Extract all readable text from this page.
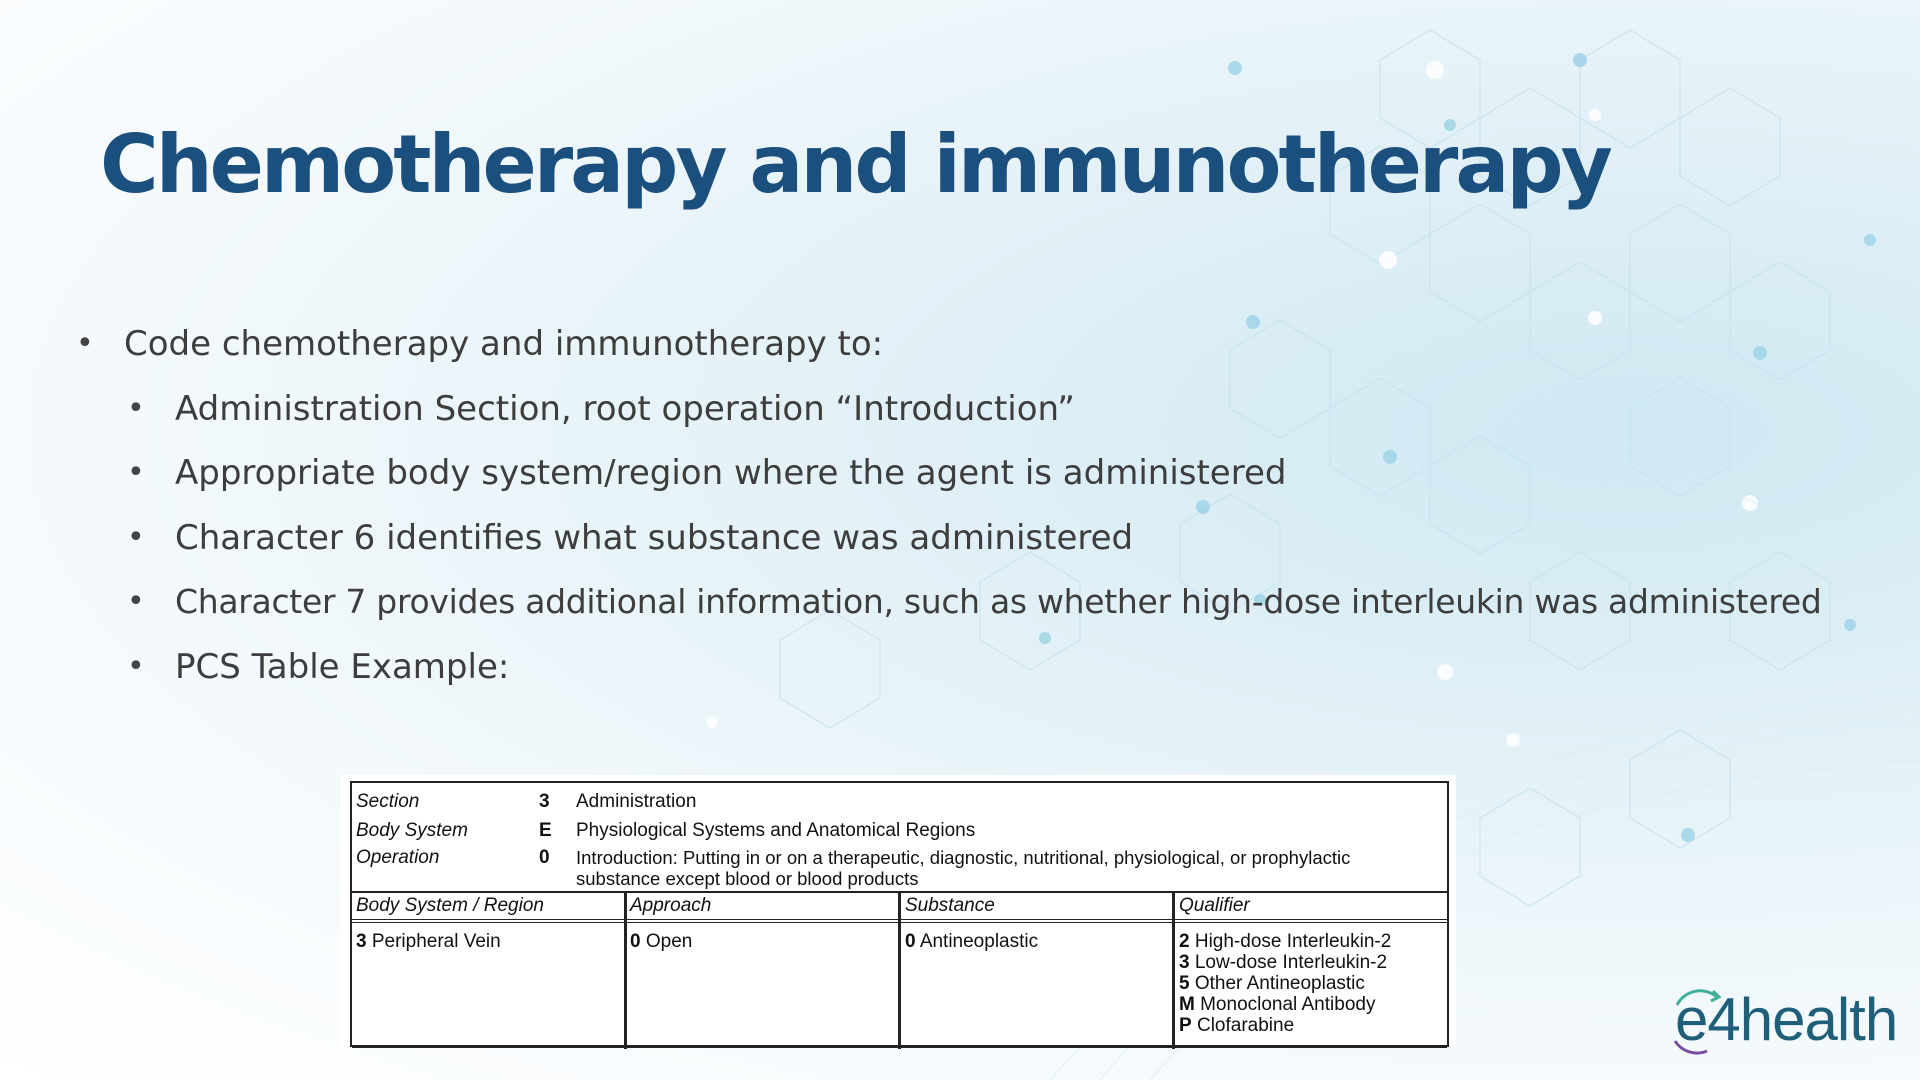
Chemotherapy and immunotherapy
• Code chemotherapy and immunotherapy to:
• Administration Section, root operation “Introduction”
• Appropriate body system/region where the agent is administered
• Character 6 identifies what substance was administered
• Character 7 provides additional information, such as whether high-dose interleukin was administered
• PCS Table Example:
Section	3 Administration
Body System	E Physiological Systems and Anatomical Regions
Operation	0 Introduction: Putting in or on a therapeutic, diagnostic, nutritional, physiological, or prophylactic substance except blood or blood products
Body System / Region	Approach	Substance	Qualifier
3 Peripheral Vein	0 Open	0 Antineoplastic	2 High-dose Interleukin-2
3 Low-dose Interleukin-2
5 Other Antineoplastic
M Monoclonal Antibody
P Clofarabine	e4health
